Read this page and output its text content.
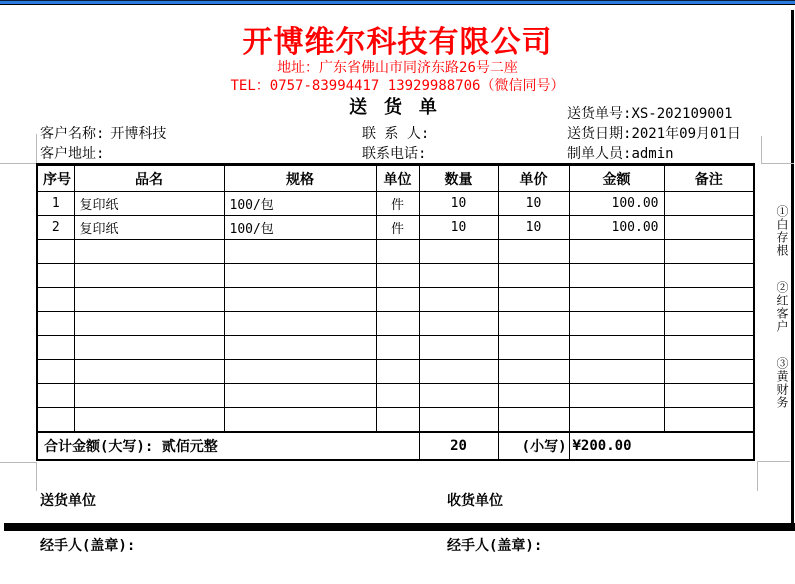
开博维尔科技有限公司
地址：广东省佛山市同济东路26号二座
TEL：0757-83994417 13929988706（微信同号）
送 货 单	送货单号:XS-202109001
客户名称: 开博科技	联 系 人:	送货日期:2021年09月01日
客户地址:	联系电话:	制单人员:admin
序号	品名	规格	单位	数量	单价	金额	备注
1	复印纸	100/包	件	10	10	100.00	
2	复印纸	100/包	件	10	10	100.00	

合计金额(大写): 贰佰元整				20	(小写)	¥200.00	

送货单位

经手人(盖章):

收货单位

经手人(盖章):

①白存根
②红客户
③黄财务
